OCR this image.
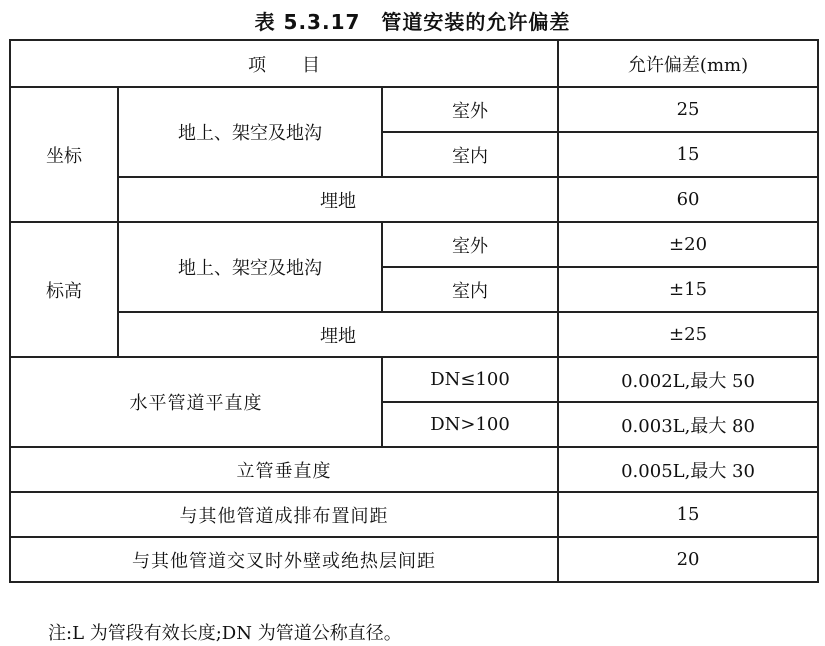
表 5.3.17　管道安装的允许偏差
项　　目			允许偏差(mm)
坐标	地上、架空及地沟	室外	25
		室内	15
	埋地		60
标高	地上、架空及地沟	室外	±20
		室内	±15
	埋地		±25
水平管道平直度		DN≤100	0.002L,最大 50
		DN>100	0.003L,最大 80
立管垂直度			0.005L,最大 30
与其他管道成排布置间距			15
与其他管道交叉时外壁或绝热层间距			20
注:L 为管段有效长度;DN 为管道公称直径。
